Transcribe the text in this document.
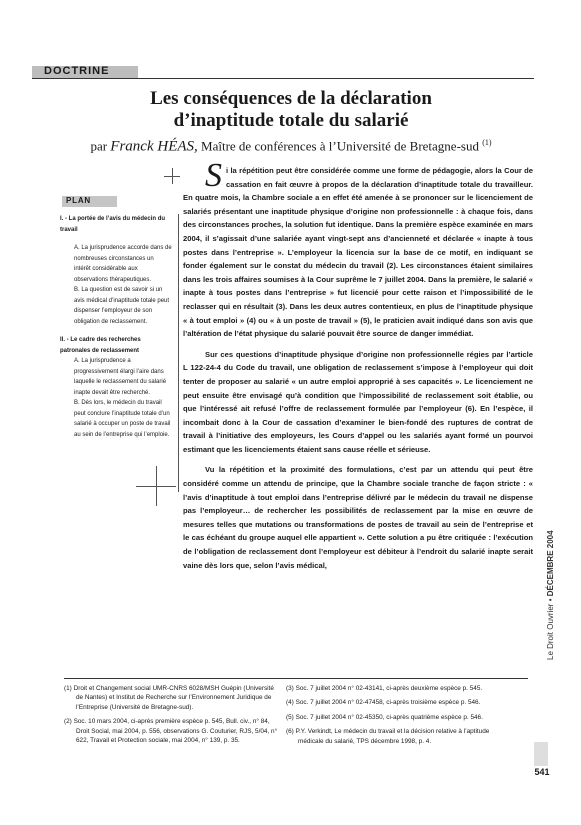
DOCTRINE
Les conséquences de la déclaration
d’inaptitude totale du salarié
par Franck HÉAS, Maître de conférences à l’Université de Bretagne-sud $^{(1)}$
PLAN
I. - La portée de l’avis du médecin du travail
A. La jurisprudence accorde dans de nombreuses circonstances un intérêt considérable aux observations thérapeutiques.
B. La question est de savoir si un avis médical d’inaptitude totale peut dispenser l’employeur de son obligation de reclassement.
II. - Le cadre des recherches patronales de reclassement
A. La jurisprudence a progressivement élargi l’aire dans laquelle le reclassement du salarié inapte devait être recherché.
B. Dès lors, le médecin du travail peut conclure l’inaptitude totale d’un salarié à occuper un poste de travail au sein de l’entreprise qui l’emploie.

Si la répétition peut être considérée comme une forme de pédagogie, alors la Cour de cassation en fait œuvre à propos de la déclaration d’inaptitude totale du travailleur. En quatre mois, la Chambre sociale a en effet été amenée à se prononcer sur le licenciement de salariés présentant une inaptitude physique d’origine non professionnelle : à chaque fois, dans des circonstances proches, la solution fut identique. Dans la première espèce examinée en mars 2004, il s’agissait d’une salariée ayant vingt-sept ans d’ancienneté et déclarée « inapte à tous postes dans l’entreprise ». L’employeur la licencia sur la base de ce motif, en indiquant se fonder également sur le constat du médecin du travail (2). Les circonstances étaient similaires dans les trois affaires soumises à la Cour suprême le 7 juillet 2004. Dans la première, le salarié « inapte à tous postes dans l’entreprise » fut licencié pour cette raison et l’impossibilité de le reclasser qui en résultait (3). Dans les deux autres contentieux, en plus de l’inaptitude physique « à tout emploi » (4) ou « à un poste de travail » (5), le praticien avait indiqué dans son avis que l’altération de l’état physique du salarié pouvait être source de danger immédiat.

Sur ces questions d’inaptitude physique d’origine non professionnelle régies par l’article L 122-24-4 du Code du travail, une obligation de reclassement s’impose à l’employeur qui doit tenter de proposer au salarié « un autre emploi approprié à ses capacités ». Le licenciement ne peut ensuite être envisagé qu’à condition que l’impossibilité de reclassement soit établie, ou que l’intéressé ait refusé l’offre de reclassement formulée par l’employeur (6). En l’espèce, il incombait donc à la Cour de cassation d’examiner le bien-fondé des ruptures de contrat de travail à l’initiative des employeurs, les Cours d’appel ou les salariés ayant formé un pourvoi estimant que les licenciements étaient sans cause réelle et sérieuse.

Vu la répétition et la proximité des formulations, c’est par un attendu qui peut être considéré comme un attendu de principe, que la Chambre sociale tranche de façon stricte : « l’avis d’inaptitude à tout emploi dans l’entreprise délivré par le médecin du travail ne dispense pas l’employeur… de rechercher les possibilités de reclassement par la mise en œuvre de mesures telles que mutations ou transformations de postes de travail au sein de l’entreprise et le cas échéant du groupe auquel elle appartient ». Cette solution a pu être critiquée : l’exécution de l’obligation de reclassement dont l’employeur est débiteur à l’endroit du salarié inapte serait vaine dès lors que, selon l’avis médical,

(1) Droit et Changement social UMR-CNRS 6028/MSH Guépin (Université de Nantes) et Institut de Recherche sur l’Environnement Juridique de l’Entreprise (Université de Bretagne-sud).

(2) Soc. 10 mars 2004, ci-après première espèce p. 545, Bull. civ., n° 84, Droit Social, mai 2004, p. 556, observations G. Couturier, RJS, 5/04, n° 622, Travail et Protection sociale, mai 2004, n° 139, p. 35.

(3) Soc. 7 juillet 2004 n° 02-43141, ci-après deuxième espèce p. 545.

(4) Soc. 7 juillet 2004 n° 02-47458, ci-après troisième espèce p. 546.

(5) Soc. 7 juillet 2004 n° 02-45350, ci-après quatrième espèce p. 546.

(6) P.Y. Verkindt, Le médecin du travail et la décision relative à l’aptitude médicale du salarié, TPS décembre 1998, p. 4.

Le Droit Ouvrier • DÉCEMBRE 2004
541
